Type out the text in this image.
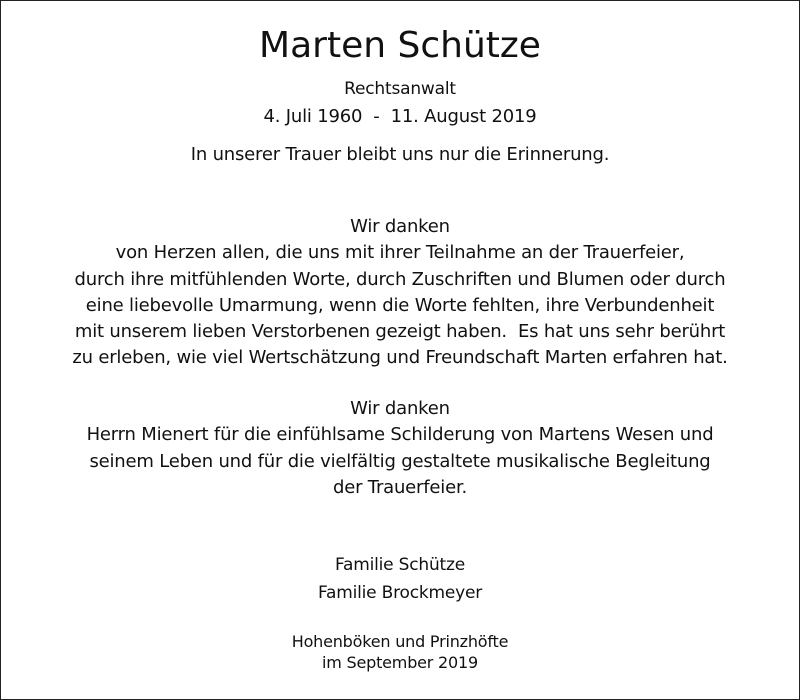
Marten Schütze
Rechtsanwalt
4. Juli 1960  -  11. August 2019
In unserer Trauer bleibt uns nur die Erinnerung.
Wir danken
von Herzen allen, die uns mit ihrer Teilnahme an der Trauerfeier,
durch ihre mitfühlenden Worte, durch Zuschriften und Blumen oder durch
eine liebevolle Umarmung, wenn die Worte fehlten, ihre Verbundenheit
mit unserem lieben Verstorbenen gezeigt haben.  Es hat uns sehr berührt
zu erleben, wie viel Wertschätzung und Freundschaft Marten erfahren hat.
Wir danken
Herrn Mienert für die einfühlsame Schilderung von Martens Wesen und
seinem Leben und für die vielfältig gestaltete musikalische Begleitung
der Trauerfeier.
Familie Schütze
Familie Brockmeyer
Hohenböken und Prinzhöfte
im September 2019
